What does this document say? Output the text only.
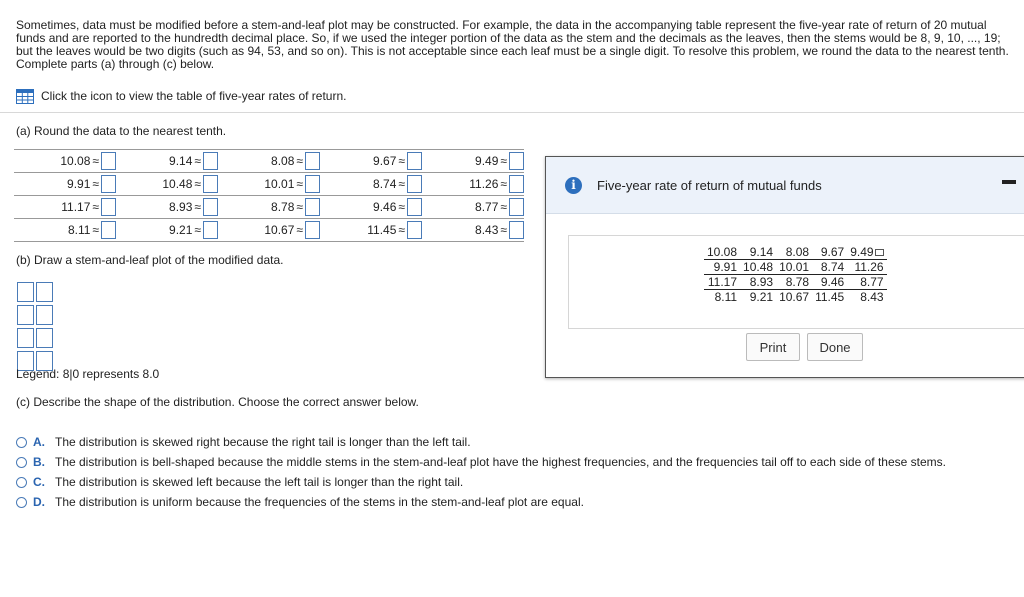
Sometimes, data must be modified before a stem-and-leaf plot may be constructed. For example, the data in the accompanying table represent the five-year rate of return of 20 mutual funds and are reported to the hundredth decimal place. So, if we used the integer portion of the data as the stem and the decimals as the leaves, then the stems would be 8, 9, 10, ..., 19; but the leaves would be two digits (such as 94, 53, and so on). This is not acceptable since each leaf must be a single digit. To resolve this problem, we round the data to the nearest tenth. Complete parts (a) through (c) below.
Click the icon to view the table of five-year rates of return.
(a) Round the data to the nearest tenth.
10.08 ≈	9.14 ≈	8.08 ≈	9.67 ≈	9.49 ≈

9.91 ≈	10.48 ≈	10.01 ≈	8.74 ≈	11.26 ≈

11.17 ≈	8.93 ≈	8.78 ≈	9.46 ≈	8.77 ≈

8.11 ≈	9.21 ≈	10.67 ≈	11.45 ≈	8.43 ≈
(b) Draw a stem-and-leaf plot of the modified data.
Legend: 8|0 represents 8.0
(c) Describe the shape of the distribution. Choose the correct answer below.
A. The distribution is skewed right because the right tail is longer than the left tail.
B. The distribution is bell-shaped because the middle stems in the stem-and-leaf plot have the highest frequencies, and the frequencies tail off to each side of these stems.
C. The distribution is skewed left because the left tail is longer than the right tail.
D. The distribution is uniform because the frequencies of the stems in the stem-and-leaf plot are equal.
i	Five-year rate of return of mutual funds
10.08	9.14	8.08	9.67	9.49
9.91	10.48	10.01	8.74	11.26
11.17	8.93	8.78	9.46	8.77
8.11	9.21	10.67	11.45	8.43
Print	Done
